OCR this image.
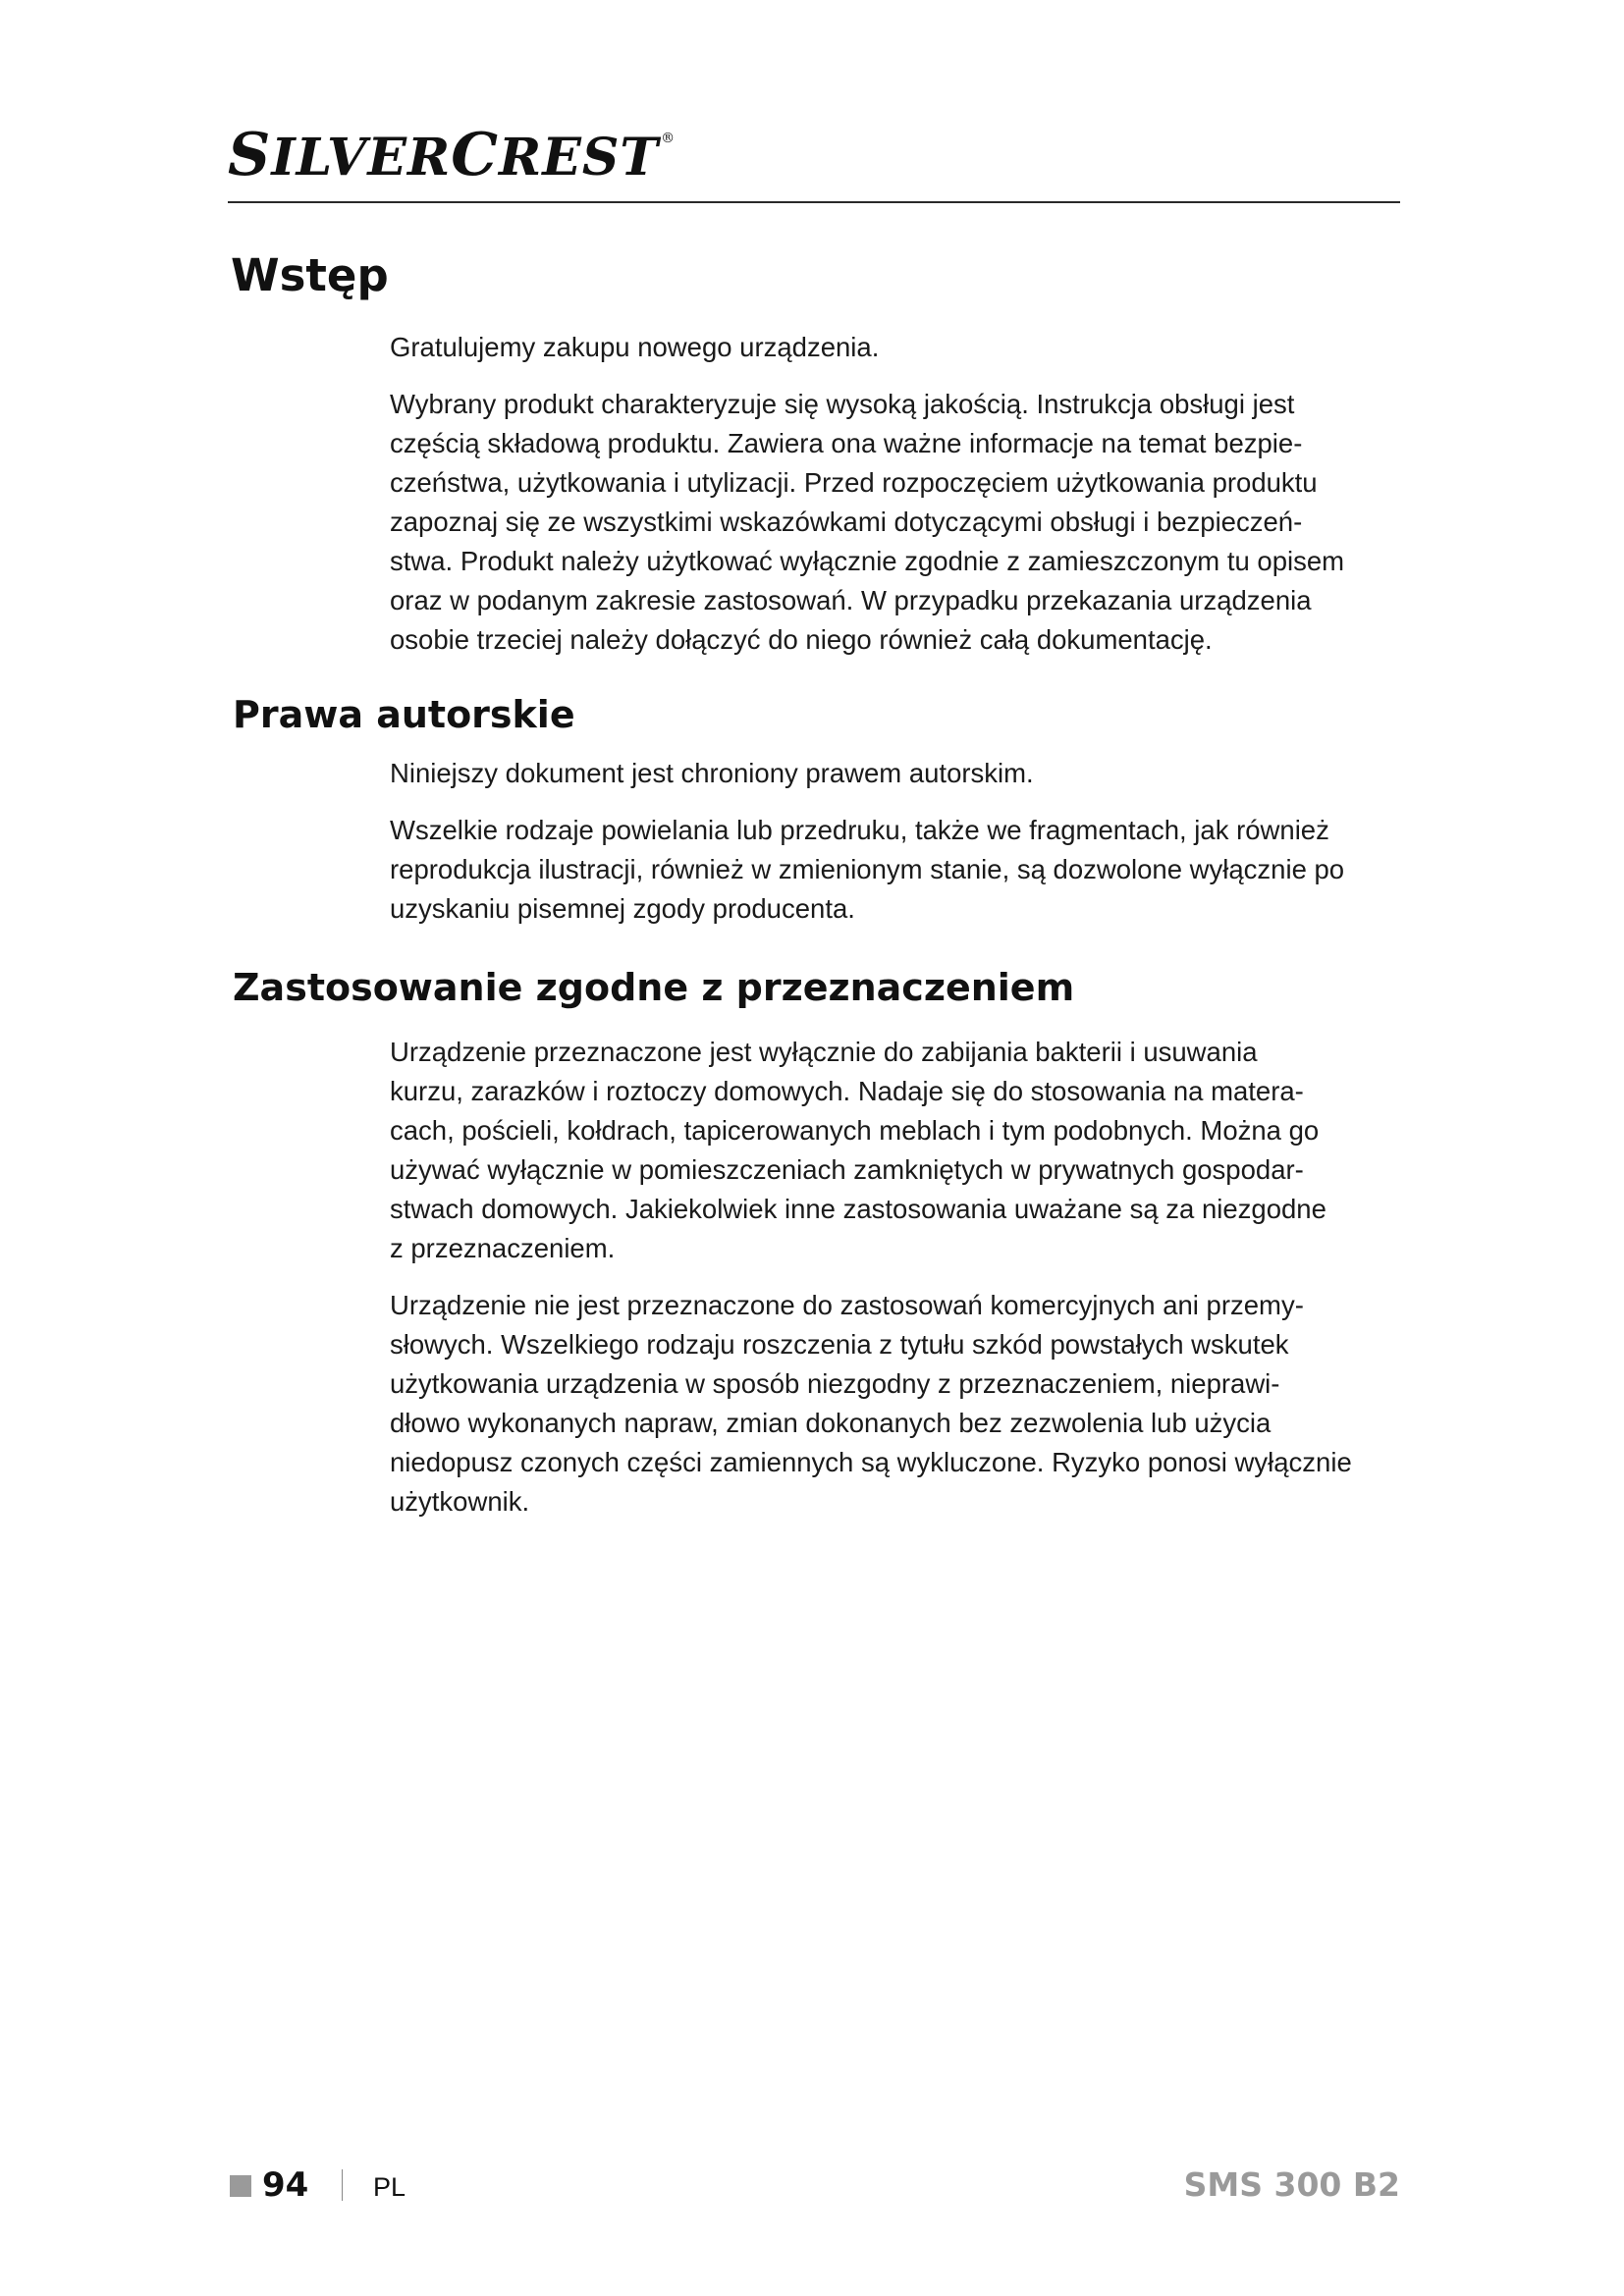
SILVERCREST ®
Wstęp

Gratulujemy zakupu nowego urządzenia.

Wybrany produkt charakteryzuje się wysoką jakością. Instrukcja obsługi jest
częścią składową produktu. Zawiera ona ważne informacje na temat bezpie-
czeństwa, użytkowania i utylizacji. Przed rozpoczęciem użytkowania produktu
zapoznaj się ze wszystkimi wskazówkami dotyczącymi obsługi i bezpieczeń-
stwa. Produkt należy użytkować wyłącznie zgodnie z zamieszczonym tu opisem
oraz w podanym zakresie zastosowań. W przypadku przekazania urządzenia
osobie trzeciej należy dołączyć do niego również całą dokumentację.

Prawa autorskie

Niniejszy dokument jest chroniony prawem autorskim.

Wszelkie rodzaje powielania lub przedruku, także we fragmentach, jak również
reprodukcja ilustracji, również w zmienionym stanie, są dozwolone wyłącznie po
uzyskaniu pisemnej zgody producenta.

Zastosowanie zgodne z przeznaczeniem

Urządzenie przeznaczone jest wyłącznie do zabijania bakterii i usuwania
kurzu, zarazków i roztoczy domowych. Nadaje się do stosowania na matera-
cach, pościeli, kołdrach, tapicerowanych meblach i tym podobnych. Można go
używać wyłącznie w pomieszczeniach zamkniętych w prywatnych gospodar-
stwach domowych. Jakiekolwiek inne zastosowania uważane są za niezgodne
z przeznaczeniem.

Urządzenie nie jest przeznaczone do zastosowań komercyjnych ani przemy-
słowych. Wszelkiego rodzaju roszczenia z tytułu szkód powstałych wskutek
użytkowania urządzenia w sposób niezgodny z przeznaczeniem, nieprawi-
dłowo wykonanych napraw, zmian dokonanych bez zezwolenia lub użycia
niedopusz czonych części zamiennych są wykluczone. Ryzyko ponosi wyłącznie
użytkownik.

94 PL	SMS 300 B2
